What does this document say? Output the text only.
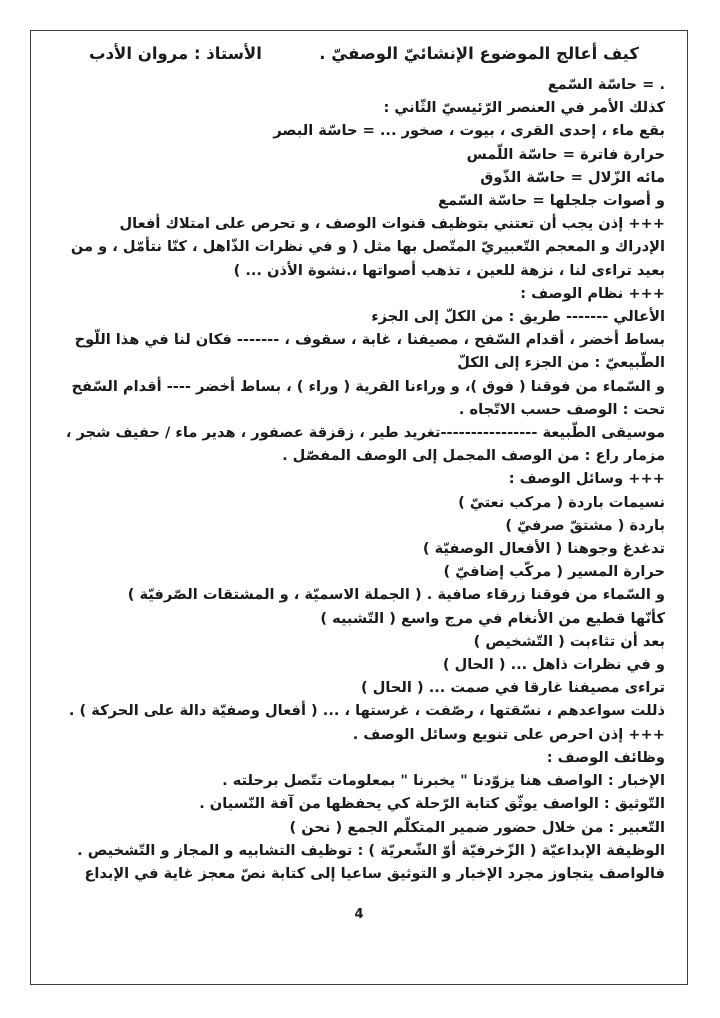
كيف أعالج الموضوع الإنشائيّ الوصفيّ .
الأستاذ : مروان الأدب
. = حاسّة السّمع
كذلك الأمر في العنصر الرّئيسيّ الثّاني :
بقع ماء ، إحدى القرى ، بيوت ، صخور ... = حاسّة البصر
حرارة فاترة = حاسّة اللّمس
مائه الزّلال = حاسّة الذّوق
و أصوات جلجلها = حاسّة السّمع
+++ إذن يجب أن تعتني بتوظيف قنوات الوصف ، و تحرص على امتلاك أفعال
الإدراك و المعجم التّعبيريّ المتّصل بها مثل ( و في نظرات الذّاهل ، كنّا نتأمّل ، و من
بعيد تراءى لنا ، نزهة للعين ، تذهب أصواتها ،.نشوة الأذن ... )
+++ نظام الوصف :
الأعالي ------- طريق : من الكلّ إلى الجزء
بساط أخضر ، أقدام السّفح ، مصيفنا ، غابة ، سقوف ، ------- فكان لنا في هذا اللّوح
الطّبيعيّ : من الجزء إلى الكلّ
و السّماء من فوقنا ( فوق )، و وراءنا القرية ( وراء ) ، بساط أخضر ---- أقدام السّفح
تحت : الوصف حسب الاتّجاه .
موسيقى الطّبيعة ----------------تغريد طير ، زقزقة عصفور ، هدير ماء / حفيف شجر ،
مزمار راع : من الوصف المجمل إلى الوصف المفصّل .
+++ وسائل الوصف :
نسيمات باردة ( مركب نعتيّ )
باردة ( مشتقّ صرفيّ )
تدغدغ وجوهنا ( الأفعال الوصفيّة )
حرارة المسير ( مركّب إضافيّ )
و السّماء من فوقنا زرقاء صافية . ( الجملة الاسميّة ، و المشتقات الصّرفيّة )
كأنّها قطيع من الأنغام في مرج واسع ( التّشبيه )
بعد أن تثاءبت ( التّشخيص )
و في نظرات ذاهل ... ( الحال )
تراءى مصيفنا غارقا في صمت ... ( الحال )
ذللت سواعدهم ، نسّقتها ، رصّفت ، غرستها ، ... ( أفعال وصفيّة دالة على الحركة ) .
+++ إذن احرص على تنويع وسائل الوصف .
وظائف الوصف :
الإخبار : الواصف هنا يزوّدنا " يخبرنا " بمعلومات تتّصل برحلته .
التّوثيق : الواصف يوثّق كتابة الرّحلة كي يحفظها من آفة النّسيان .
التّعبير : من خلال حضور ضمير المتكلّم الجمع ( نحن )
الوظيفة الإبداعيّة ( الزّخرفيّة أوّ الشّعريّة ) : توظيف التشابيه و المجاز و التّشخيص .
فالواصف يتجاوز مجرد الإخبار و التوثيق ساعيا إلى كتابة نصّ معجز غاية في الإبداع
4
